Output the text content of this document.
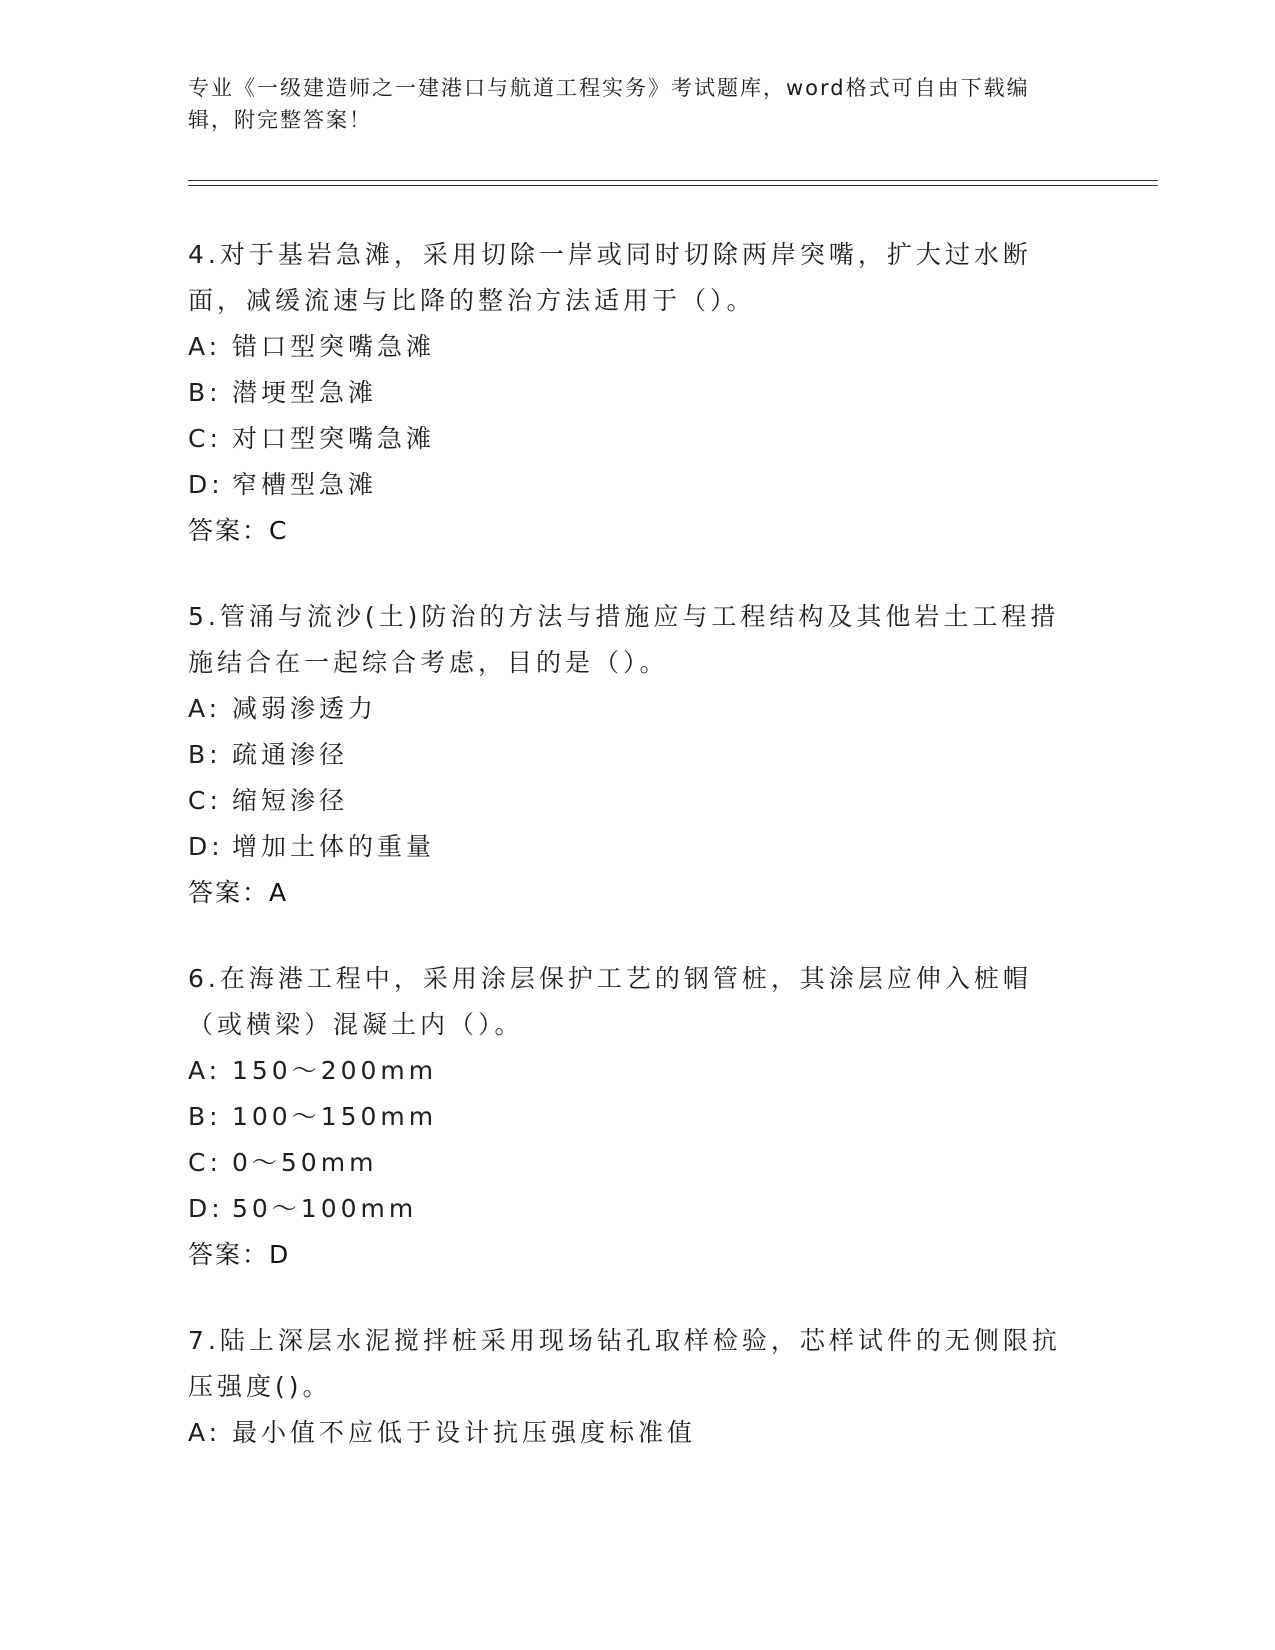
专业《一级建造师之一建港口与航道工程实务》考试题库，word格式可自由下载编辑，附完整答案！

4.对于基岩急滩，采用切除一岸或同时切除两岸突嘴，扩大过水断面，减缓流速与比降的整治方法适用于（）。

A: 错口型突嘴急滩

B: 潜埂型急滩

C: 对口型突嘴急滩

D: 窄槽型急滩

答案：C

5.管涌与流沙(土)防治的方法与措施应与工程结构及其他岩土工程措施结合在一起综合考虑，目的是（）。

A: 减弱渗透力

B: 疏通渗径

C: 缩短渗径

D: 增加土体的重量

答案：A

6.在海港工程中，采用涂层保护工艺的钢管桩，其涂层应伸入桩帽（或横梁）混凝土内（）。

A: 150～200mm

B: 100～150mm

C: 0～50mm

D: 50～100mm

答案：D

7.陆上深层水泥搅拌桩采用现场钻孔取样检验，芯样试件的无侧限抗压强度()。

A: 最小值不应低于设计抗压强度标准值
